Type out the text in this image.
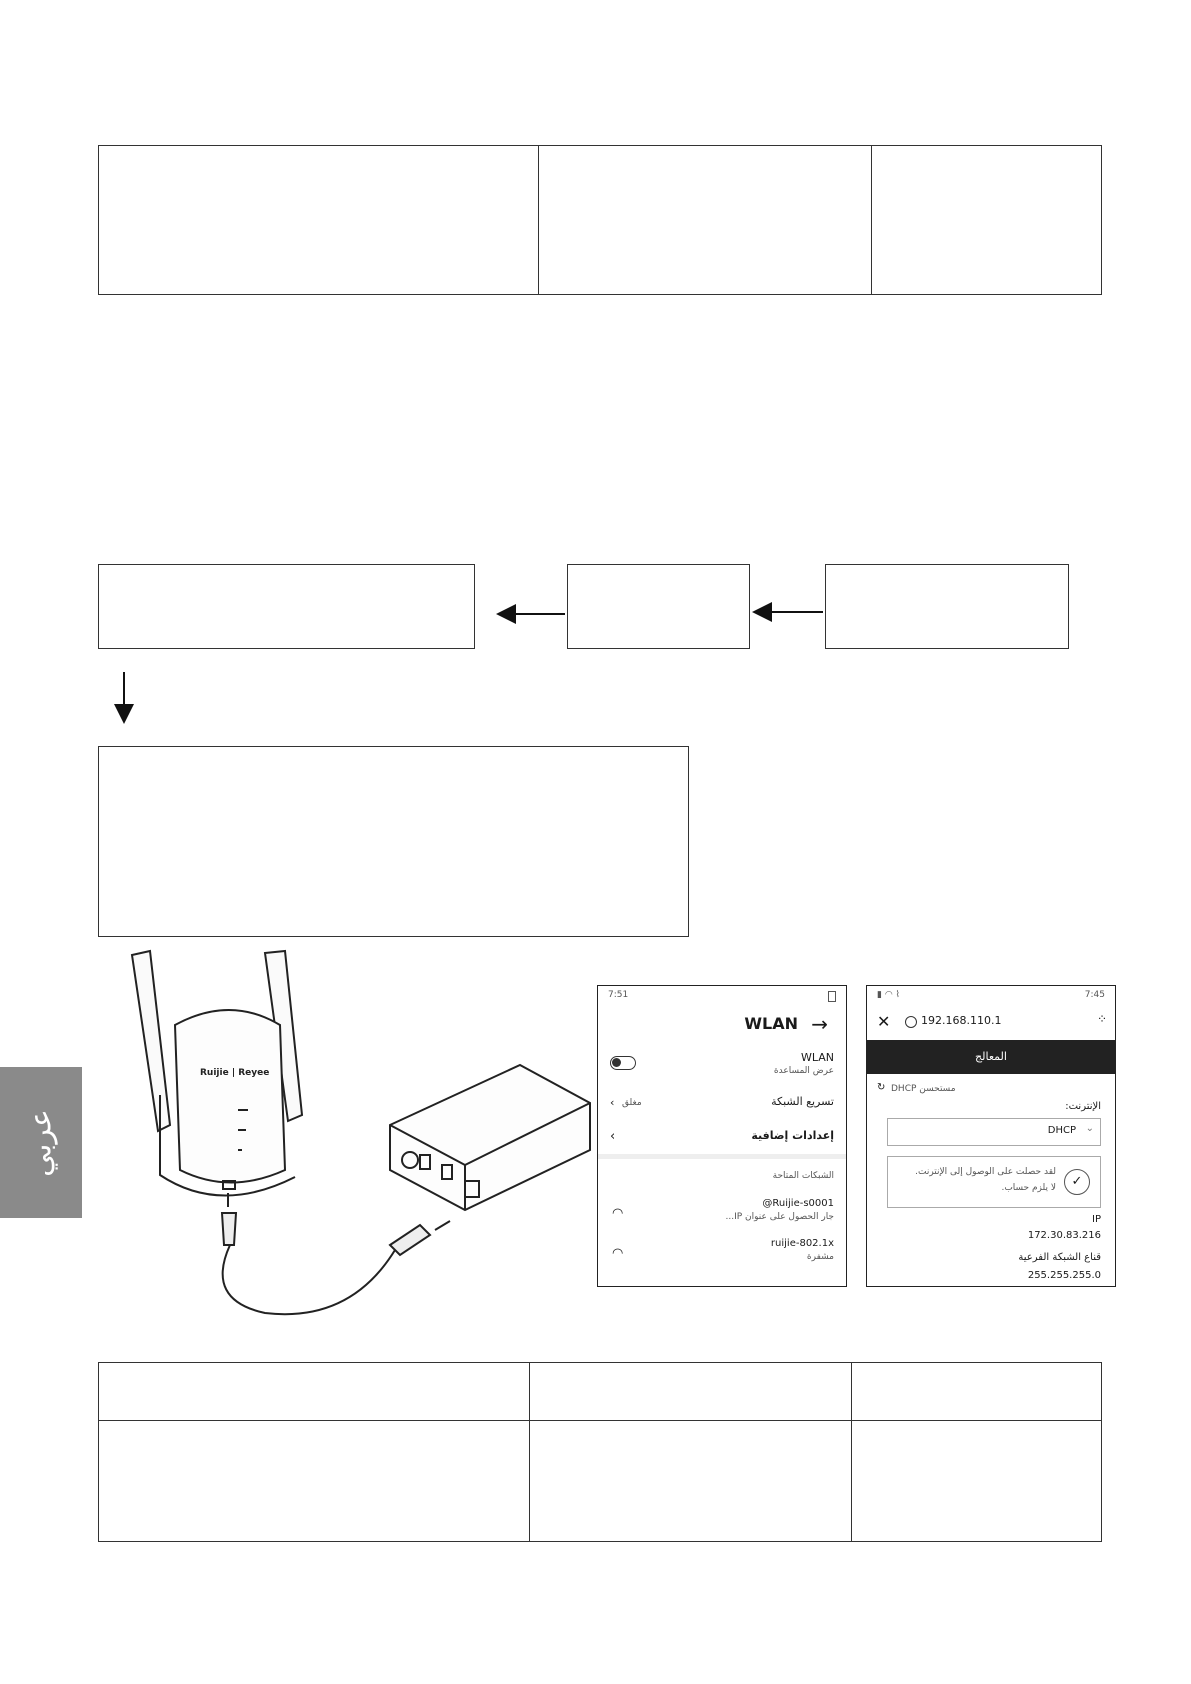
عربي
Ruijie | Reyee
7:51
→
WLAN
WLAN
عرض المساعدة
‹ مغلق	تسريع الشبكة
‹	إعدادات إضافية
الشبكات المتاحة
◠
@Ruijie-s0001
جار الحصول على عنوان IP...
◠
ruijie-802.1x
مشفرة
▮ ◠ ⌇	7:45
✕	192.168.110.1	⁘
المعالج
↻ DHCP مستحسن
الإنترنت:
DHCP ⌄
✓
لقد حصلت على الوصول إلى الإنترنت.
لا يلزم حساب.
IP
172.30.83.216
قناع الشبكة الفرعية
255.255.255.0
